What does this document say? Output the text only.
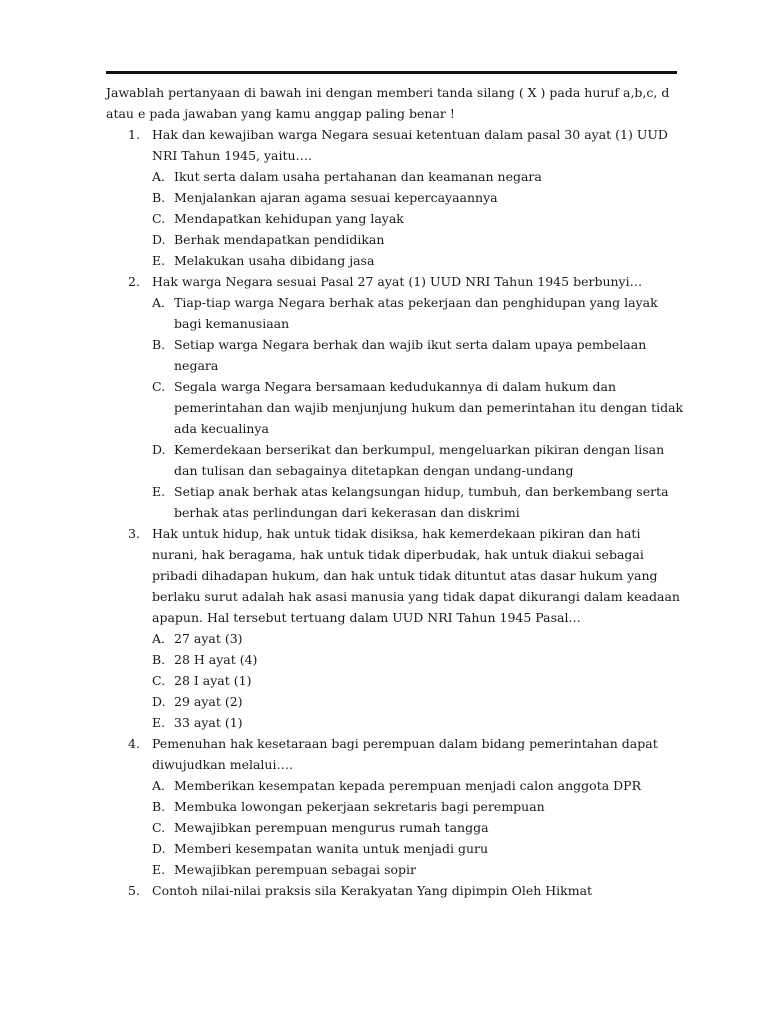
Jawablah pertanyaan di bawah ini dengan memberi tanda silang ( X ) pada huruf a,b,c, d
atau e pada jawaban yang kamu anggap paling benar !

1. Hak dan kewajiban warga Negara sesuai ketentuan dalam pasal 30 ayat (1) UUD NRI Tahun 1945, yaitu….
A. Ikut serta dalam usaha pertahanan dan keamanan negara
B. Menjalankan ajaran agama sesuai kepercayaannya
C. Mendapatkan kehidupan yang layak
D. Berhak mendapatkan pendidikan
E. Melakukan usaha dibidang jasa
2. Hak warga Negara sesuai Pasal 27 ayat (1) UUD NRI Tahun 1945 berbunyi…
A. Tiap-tiap warga Negara berhak atas pekerjaan dan penghidupan yang layak bagi kemanusiaan
B. Setiap warga Negara berhak dan wajib ikut serta dalam upaya pembelaan negara
C. Segala warga Negara bersamaan kedudukannya di dalam hukum dan pemerintahan dan wajib menjunjung hukum dan pemerintahan itu dengan tidak ada kecualinya
D. Kemerdekaan berserikat dan berkumpul, mengeluarkan pikiran dengan lisan dan tulisan dan sebagainya ditetapkan dengan undang-undang
E. Setiap anak berhak atas kelangsungan hidup, tumbuh, dan berkembang serta berhak atas perlindungan dari kekerasan dan diskrimi
3. Hak untuk hidup, hak untuk tidak disiksa, hak kemerdekaan pikiran dan hati nurani, hak beragama, hak untuk tidak diperbudak, hak untuk diakui sebagai pribadi dihadapan hukum, dan hak untuk tidak dituntut atas dasar hukum yang berlaku surut adalah hak asasi manusia yang tidak dapat dikurangi dalam keadaan apapun. Hal tersebut tertuang dalam UUD NRI Tahun 1945 Pasal…
A. 27 ayat (3)
B. 28 H ayat (4)
C. 28 I ayat (1)
D. 29 ayat (2)
E. 33 ayat (1)
4. Pemenuhan hak kesetaraan bagi perempuan dalam bidang pemerintahan dapat diwujudkan melalui….
A. Memberikan kesempatan kepada perempuan menjadi calon anggota DPR
B. Membuka lowongan pekerjaan sekretaris bagi perempuan
C. Mewajibkan perempuan mengurus rumah tangga
D. Memberi kesempatan wanita untuk menjadi guru
E. Mewajibkan perempuan sebagai sopir
5. Contoh nilai-nilai praksis sila Kerakyatan Yang dipimpin Oleh Hikmat
